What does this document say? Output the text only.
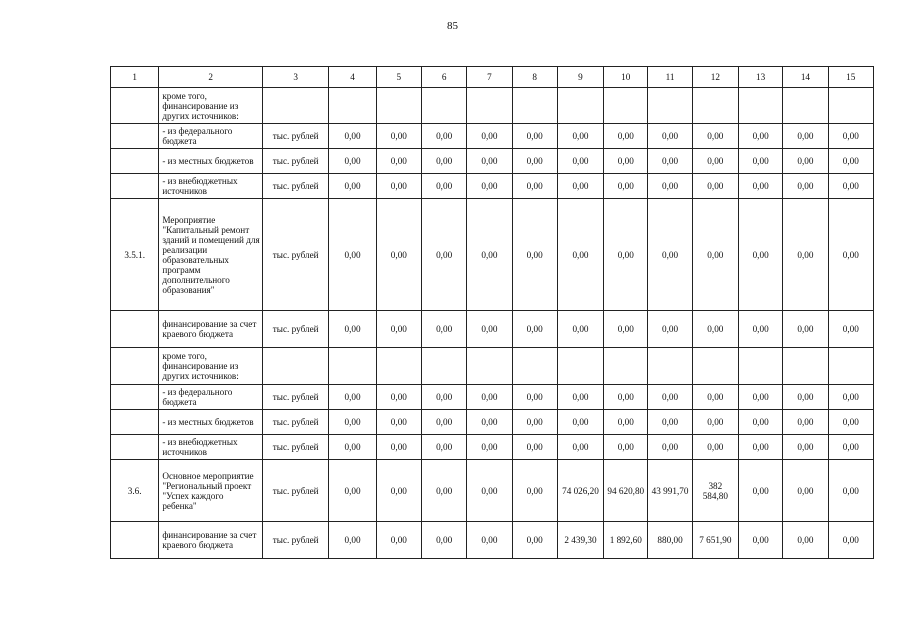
85
1	2	3	4	5	6	7	8	9	10	11	12	13	14	15
	кроме того, финансирование из других источников:													
	- из федерального бюджета	тыс. рублей	0,00	0,00	0,00	0,00	0,00	0,00	0,00	0,00	0,00	0,00	0,00	0,00
	- из местных бюджетов	тыс. рублей	0,00	0,00	0,00	0,00	0,00	0,00	0,00	0,00	0,00	0,00	0,00	0,00
	- из внебюджетных источников	тыс. рублей	0,00	0,00	0,00	0,00	0,00	0,00	0,00	0,00	0,00	0,00	0,00	0,00
3.5.1.	Мероприятие "Капитальный ремонт зданий и помещений для реализации образовательных программ дополнительного образования"	тыс. рублей	0,00	0,00	0,00	0,00	0,00	0,00	0,00	0,00	0,00	0,00	0,00	0,00
	финансирование за счет краевого бюджета	тыс. рублей	0,00	0,00	0,00	0,00	0,00	0,00	0,00	0,00	0,00	0,00	0,00	0,00
	кроме того, финансирование из других источников:													
	- из федерального бюджета	тыс. рублей	0,00	0,00	0,00	0,00	0,00	0,00	0,00	0,00	0,00	0,00	0,00	0,00
	- из местных бюджетов	тыс. рублей	0,00	0,00	0,00	0,00	0,00	0,00	0,00	0,00	0,00	0,00	0,00	0,00
	- из внебюджетных источников	тыс. рублей	0,00	0,00	0,00	0,00	0,00	0,00	0,00	0,00	0,00	0,00	0,00	0,00
3.6.	Основное мероприятие "Региональный проект "Успех каждого ребенка"	тыс. рублей	0,00	0,00	0,00	0,00	0,00	74 026,20	94 620,80	43 991,70	382 584,80	0,00	0,00	0,00
	финансирование за счет краевого бюджета	тыс. рублей	0,00	0,00	0,00	0,00	0,00	2 439,30	1 892,60	880,00	7 651,90	0,00	0,00	0,00
